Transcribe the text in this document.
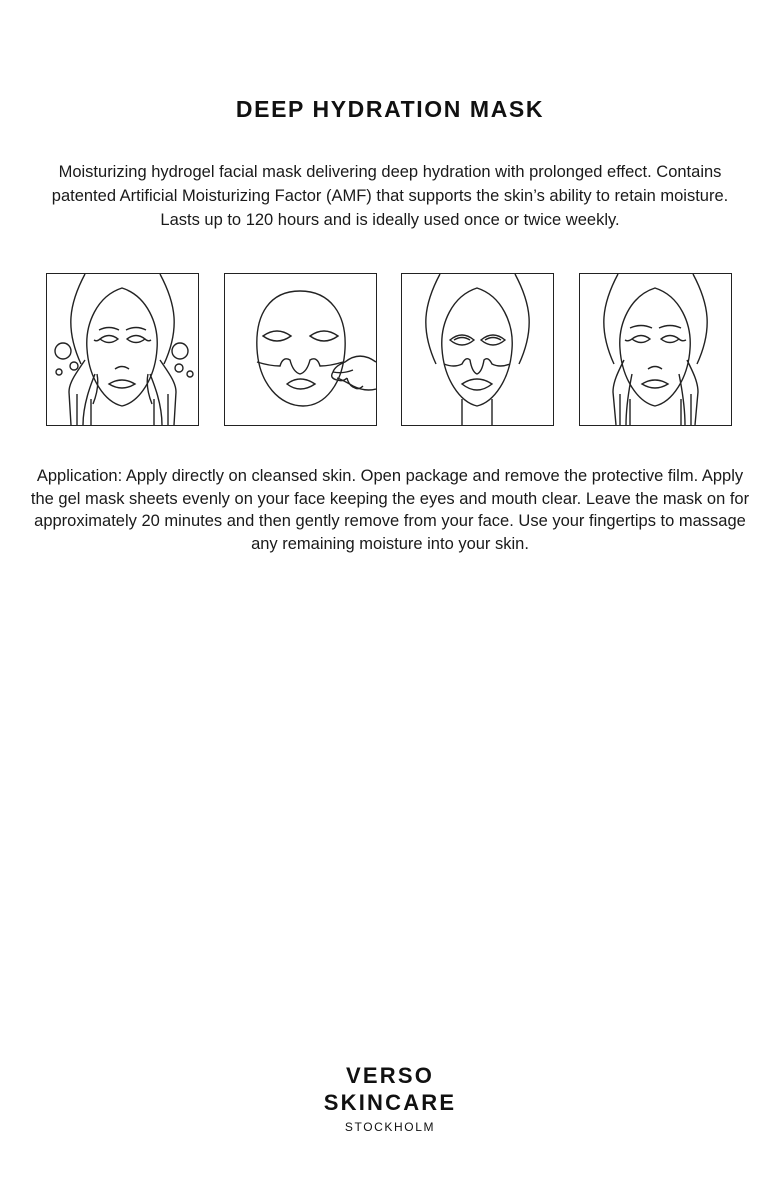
DEEP HYDRATION MASK
Moisturizing hydrogel facial mask delivering deep hydration with prolonged effect. Contains patented Artificial Moisturizing Factor (AMF) that supports the skin’s ability to retain moisture. Lasts up to 120 hours and is ideally used once or twice weekly.
Application: Apply directly on cleansed skin. Open package and remove the protective film. Apply the gel mask sheets evenly on your face keeping the eyes and mouth clear. Leave the mask on for approximately 20 minutes and then gently remove from your face. Use your fingertips to massage any remaining moisture into your skin.
VERSO
SKINCARE
STOCKHOLM
